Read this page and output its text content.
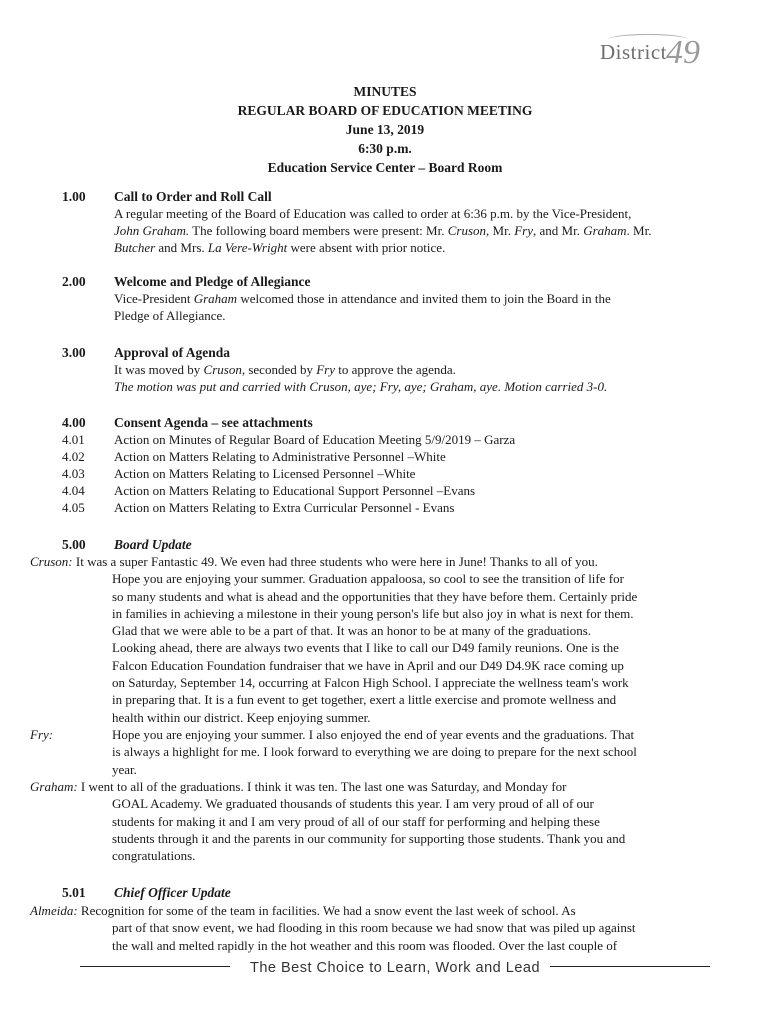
District 49
MINUTES
REGULAR BOARD OF EDUCATION MEETING
June 13, 2019
6:30 p.m.
Education Service Center – Board Room
1.00 Call to Order and Roll Call
A regular meeting of the Board of Education was called to order at 6:36 p.m. by the Vice-President,
John Graham. The following board members were present: Mr. Cruson, Mr. Fry, and Mr. Graham. Mr.
Butcher and Mrs. La Vere-Wright were absent with prior notice.
2.00 Welcome and Pledge of Allegiance
Vice-President Graham welcomed those in attendance and invited them to join the Board in the
Pledge of Allegiance.
3.00 Approval of Agenda
It was moved by Cruson, seconded by Fry to approve the agenda.
The motion was put and carried with Cruson, aye; Fry, aye; Graham, aye. Motion carried 3-0.
4.00 Consent Agenda – see attachments
4.01 Action on Minutes of Regular Board of Education Meeting 5/9/2019 – Garza
4.02 Action on Matters Relating to Administrative Personnel –White
4.03 Action on Matters Relating to Licensed Personnel –White
4.04 Action on Matters Relating to Educational Support Personnel –Evans
4.05 Action on Matters Relating to Extra Curricular Personnel - Evans
5.00 Board Update
Cruson: It was a super Fantastic 49. We even had three students who were here in June! Thanks to all of you.
Hope you are enjoying your summer. Graduation appaloosa, so cool to see the transition of life for
so many students and what is ahead and the opportunities that they have before them. Certainly pride
in families in achieving a milestone in their young person's life but also joy in what is next for them.
Glad that we were able to be a part of that. It was an honor to be at many of the graduations.
Looking ahead, there are always two events that I like to call our D49 family reunions. One is the
Falcon Education Foundation fundraiser that we have in April and our D49 D4.9K race coming up
on Saturday, September 14, occurring at Falcon High School. I appreciate the wellness team's work
in preparing that. It is a fun event to get together, exert a little exercise and promote wellness and
health within our district. Keep enjoying summer.
Fry:	Hope you are enjoying your summer. I also enjoyed the end of year events and the graduations. That
is always a highlight for me. I look forward to everything we are doing to prepare for the next school
year.
Graham: I went to all of the graduations. I think it was ten. The last one was Saturday, and Monday for
GOAL Academy. We graduated thousands of students this year. I am very proud of all of our
students for making it and I am very proud of all of our staff for performing and helping these
students through it and the parents in our community for supporting those students. Thank you and
congratulations.
5.01 Chief Officer Update
Almeida: Recognition for some of the team in facilities. We had a snow event the last week of school. As
part of that snow event, we had flooding in this room because we had snow that was piled up against
the wall and melted rapidly in the hot weather and this room was flooded. Over the last couple of
The Best Choice to Learn, Work and Lead
